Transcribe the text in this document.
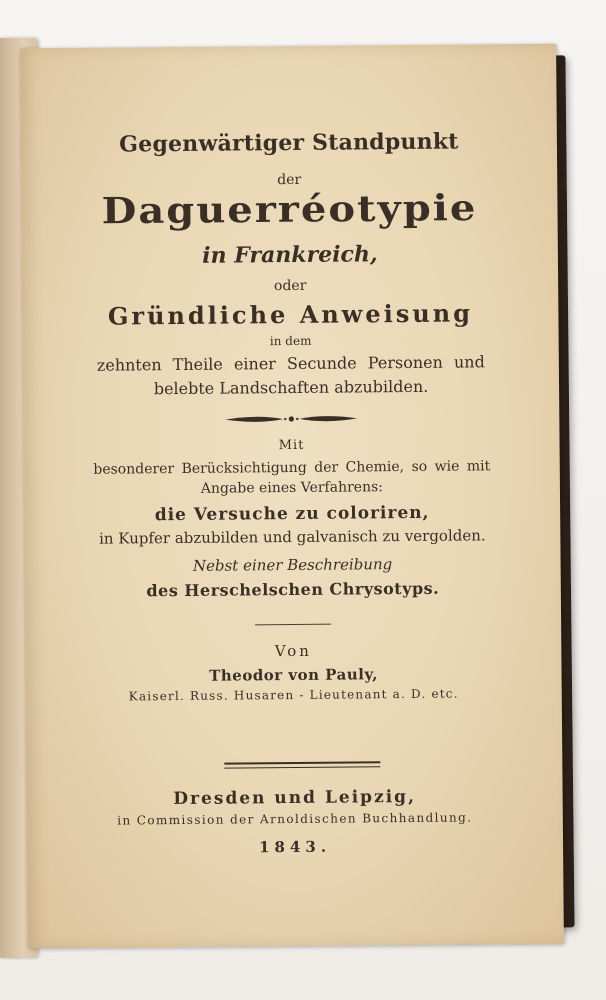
Gegenwärtiger Standpunkt
der
Daguerréotypie
in Frankreich,
oder
Gründliche Anweisung
in dem
zehnten Theile einer Secunde Personen und
belebte Landschaften abzubilden.
Mit
besonderer Berücksichtigung der Chemie, so wie mit
Angabe eines Verfahrens:
die Versuche zu coloriren,
in Kupfer abzubilden und galvanisch zu vergolden.
Nebst einer Beschreibung
des Herschelschen Chrysotyps.
Von
Theodor von Pauly,
Kaiserl. Russ. Husaren - Lieutenant a. D. etc.
Dresden und Leipzig,
in Commission der Arnoldischen Buchhandlung.
1843.
